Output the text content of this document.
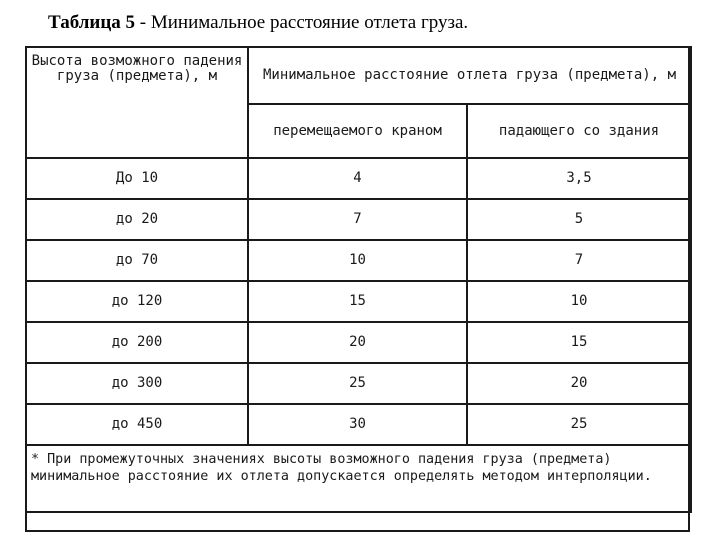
Таблица 5 - Минимальное расстояние отлета груза.
Высота возможного падения груза (предмета), м	Минимальное расстояние отлета груза (предмета), м	
	перемещаемого краном	падающего со здания
До 10	4	3,5
до 20	7	5
до 70	10	7
до 120	15	10
до 200	20	15
до 300	25	20
до 450	30	25
* При промежуточных значениях высоты возможного падения груза (предмета) минимальное расстояние их отлета допускается определять методом интерполяции.		
